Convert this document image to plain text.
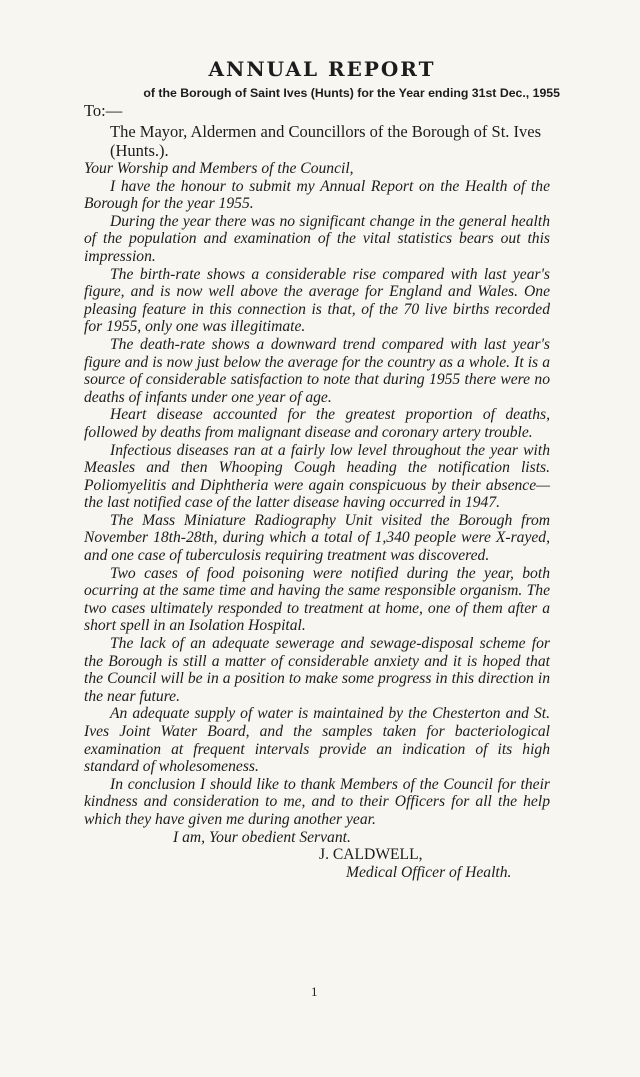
ANNUAL REPORT

of the Borough of Saint Ives (Hunts) for the Year ending 31st Dec., 1955

To:—

The Mayor, Aldermen and Councillors of the Borough of St. Ives (Hunts.).

Your Worship and Members of the Council,

I have the honour to submit my Annual Report on the Health of the Borough for the year 1955.

During the year there was no significant change in the general health of the population and examination of the vital statistics bears out this impression.

The birth-rate shows a considerable rise compared with last year's figure, and is now well above the average for England and Wales. One pleasing feature in this connection is that, of the 70 live births recorded for 1955, only one was illegitimate.

The death-rate shows a downward trend compared with last year's figure and is now just below the average for the country as a whole. It is a source of considerable satisfaction to note that during 1955 there were no deaths of infants under one year of age.

Heart disease accounted for the greatest proportion of deaths, followed by deaths from malignant disease and coronary artery trouble.

Infectious diseases ran at a fairly low level throughout the year with Measles and then Whooping Cough heading the notification lists. Poliomyelitis and Diphtheria were again conspicuous by their absence—the last notified case of the latter disease having occurred in 1947.

The Mass Miniature Radiography Unit visited the Borough from November 18th-28th, during which a total of 1,340 people were X-rayed, and one case of tuberculosis requiring treatment was discovered.

Two cases of food poisoning were notified during the year, both ocurring at the same time and having the same responsible organism. The two cases ultimately responded to treatment at home, one of them after a short spell in an Isolation Hospital.

The lack of an adequate sewerage and sewage-disposal scheme for the Borough is still a matter of considerable anxiety and it is hoped that the Council will be in a position to make some progress in this direction in the near future.

An adequate supply of water is maintained by the Chesterton and St. Ives Joint Water Board, and the samples taken for bacteriological examination at frequent intervals provide an indication of its high standard of wholesomeness.

In conclusion I should like to thank Members of the Council for their kindness and consideration to me, and to their Officers for all the help which they have given me during another year.

I am, Your obedient Servant.

J. CALDWELL,

Medical Officer of Health.

1
